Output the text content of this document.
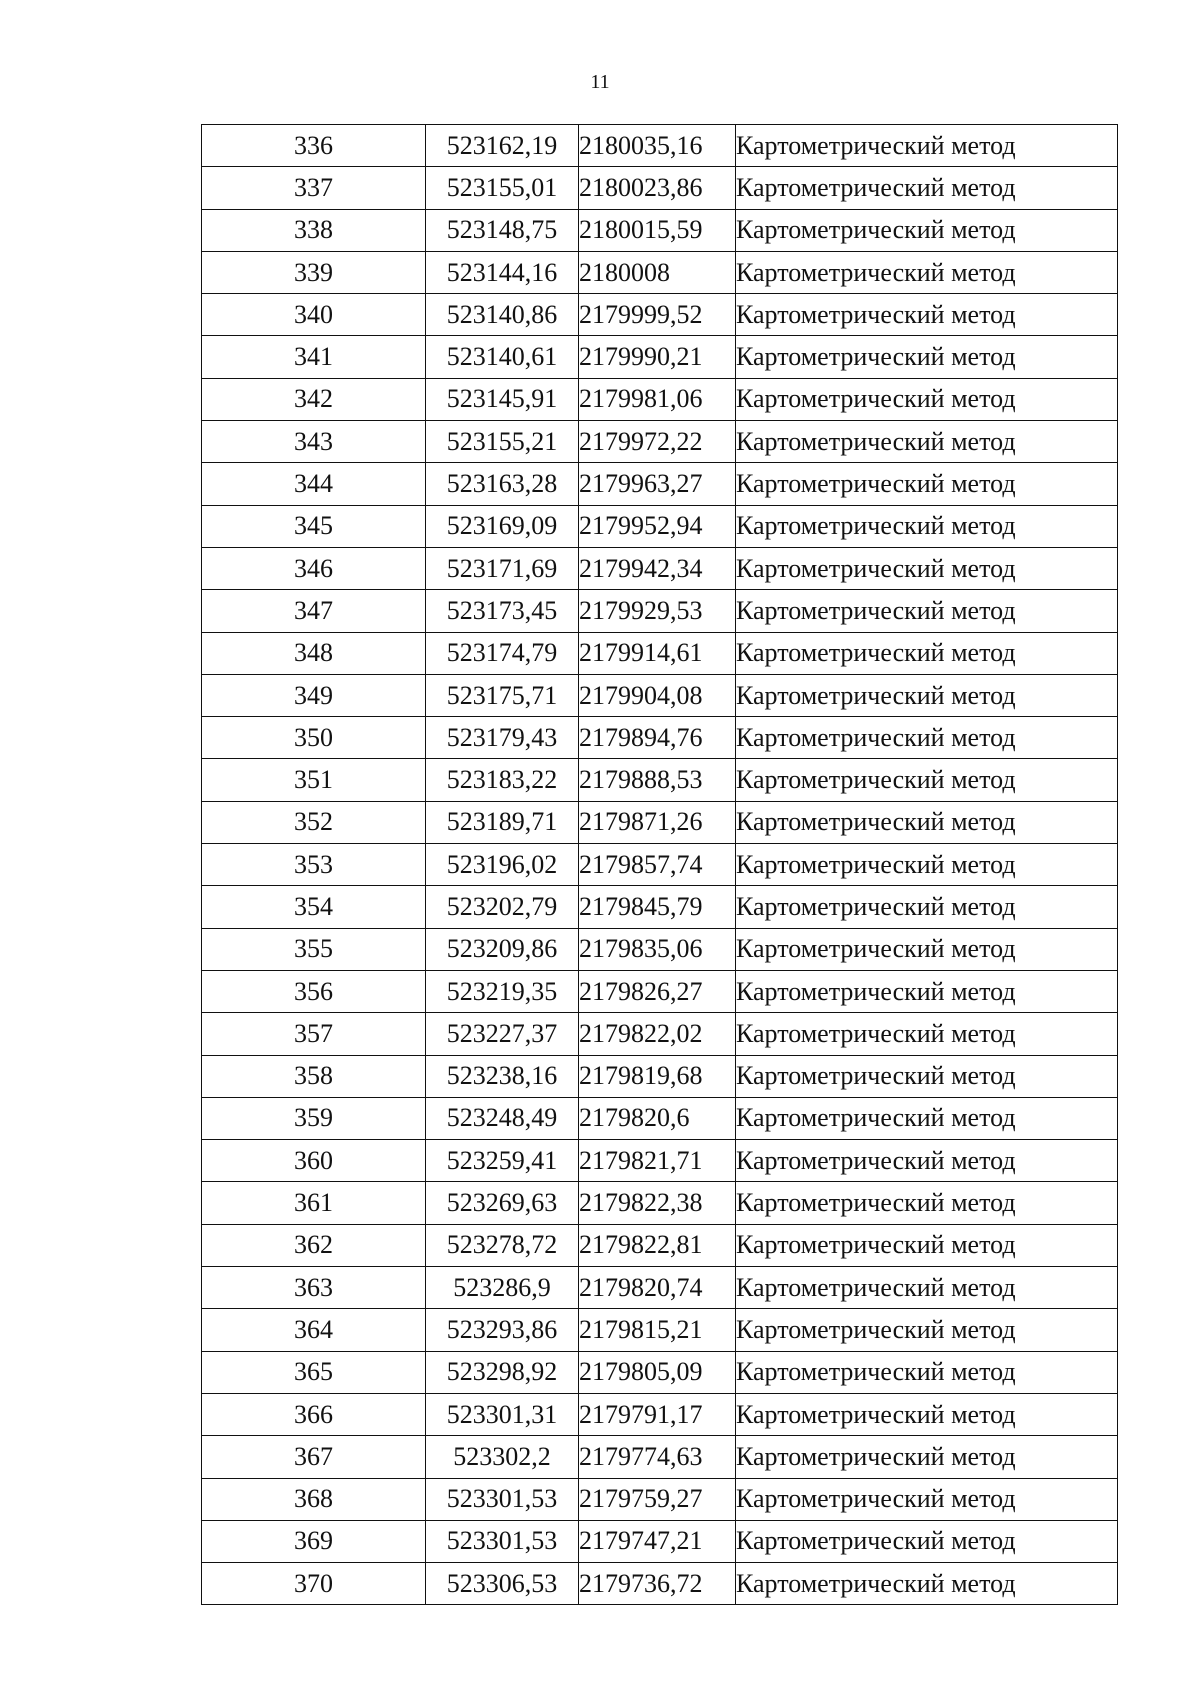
11
336	523162,19	2180035,16	Картометрический метод
337	523155,01	2180023,86	Картометрический метод
338	523148,75	2180015,59	Картометрический метод
339	523144,16	2180008	Картометрический метод
340	523140,86	2179999,52	Картометрический метод
341	523140,61	2179990,21	Картометрический метод
342	523145,91	2179981,06	Картометрический метод
343	523155,21	2179972,22	Картометрический метод
344	523163,28	2179963,27	Картометрический метод
345	523169,09	2179952,94	Картометрический метод
346	523171,69	2179942,34	Картометрический метод
347	523173,45	2179929,53	Картометрический метод
348	523174,79	2179914,61	Картометрический метод
349	523175,71	2179904,08	Картометрический метод
350	523179,43	2179894,76	Картометрический метод
351	523183,22	2179888,53	Картометрический метод
352	523189,71	2179871,26	Картометрический метод
353	523196,02	2179857,74	Картометрический метод
354	523202,79	2179845,79	Картометрический метод
355	523209,86	2179835,06	Картометрический метод
356	523219,35	2179826,27	Картометрический метод
357	523227,37	2179822,02	Картометрический метод
358	523238,16	2179819,68	Картометрический метод
359	523248,49	2179820,6	Картометрический метод
360	523259,41	2179821,71	Картометрический метод
361	523269,63	2179822,38	Картометрический метод
362	523278,72	2179822,81	Картометрический метод
363	523286,9	2179820,74	Картометрический метод
364	523293,86	2179815,21	Картометрический метод
365	523298,92	2179805,09	Картометрический метод
366	523301,31	2179791,17	Картометрический метод
367	523302,2	2179774,63	Картометрический метод
368	523301,53	2179759,27	Картометрический метод
369	523301,53	2179747,21	Картометрический метод
370	523306,53	2179736,72	Картометрический метод
